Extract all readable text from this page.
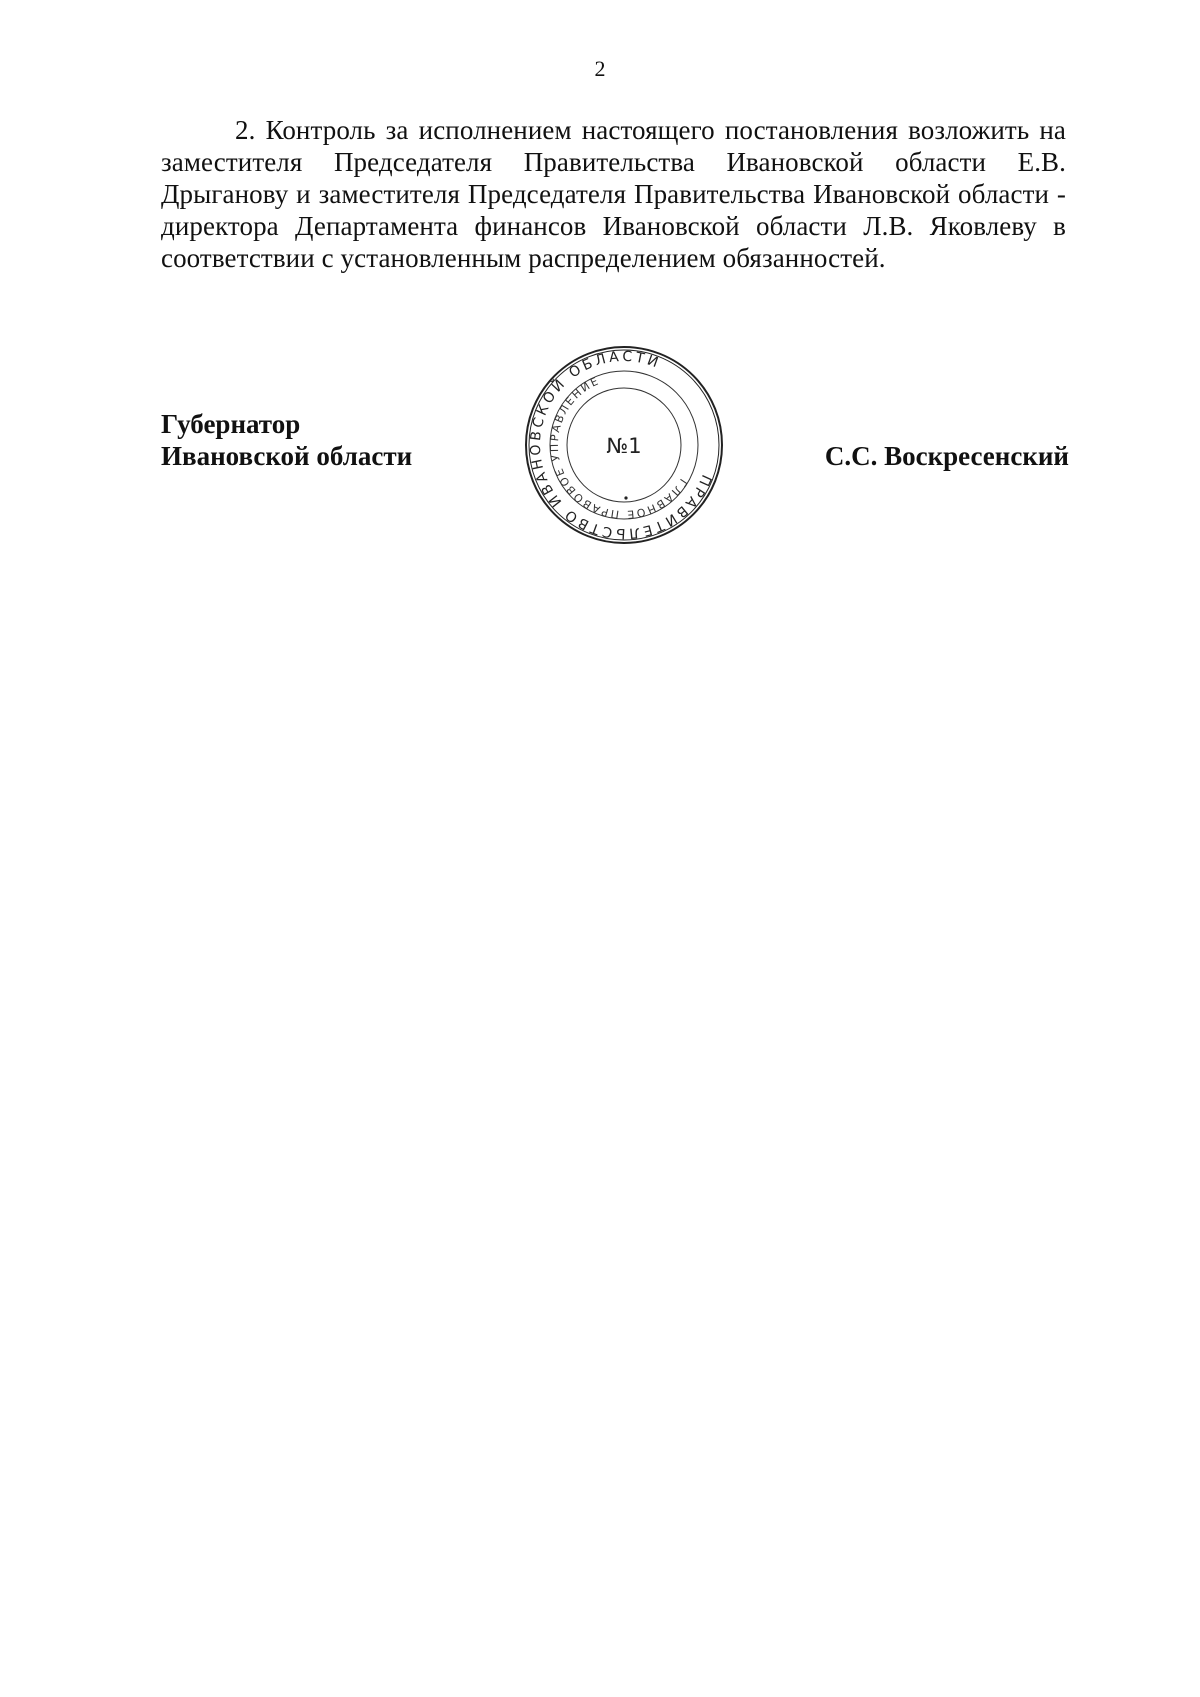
2

2. Контроль за исполнением настоящего постановления возложить на заместителя Председателя Правительства Ивановской области Е.В. Дрыганову и заместителя Председателя Правительства Ивановской области - директора Департамента финансов Ивановской области Л.В. Яковлеву в соответствии с установленным распределением обязанностей.

Губернатор
Ивановской области
ПРАВИТЕЛЬСТВО ИВАНОВСКОЙ ОБЛАСТИ
ГЛАВНОЕ ПРАВОВОЕ УПРАВЛЕНИЕ
№1	С.С. Воскресенский
